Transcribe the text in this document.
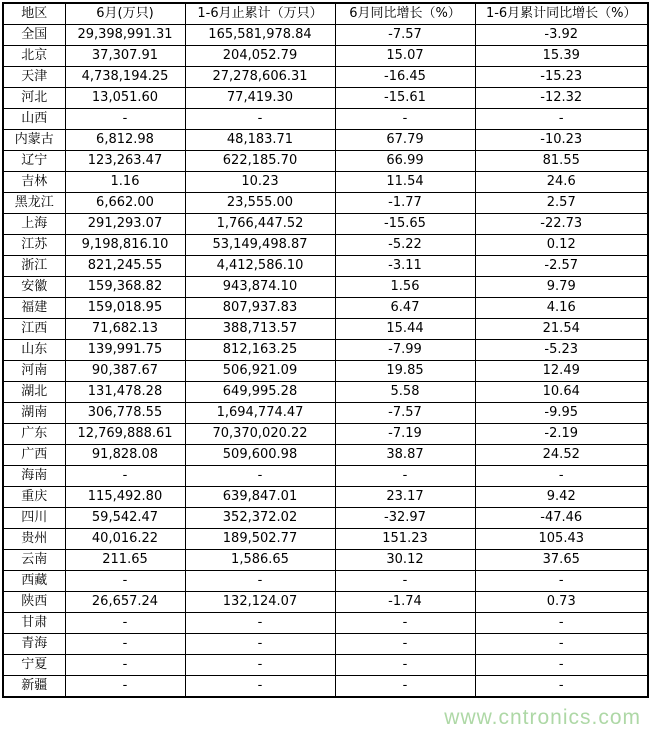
地区	6月(万只)	1-6月止累计（万只）	6月同比增长（%）	1-6月累计同比增长（%）
全国	29,398,991.31	165,581,978.84	-7.57	-3.92
北京	37,307.91	204,052.79	15.07	15.39
天津	4,738,194.25	27,278,606.31	-16.45	-15.23
河北	13,051.60	77,419.30	-15.61	-12.32
山西	-	-	-	-
内蒙古	6,812.98	48,183.71	67.79	-10.23
辽宁	123,263.47	622,185.70	66.99	81.55
吉林	1.16	10.23	11.54	24.6
黑龙江	6,662.00	23,555.00	-1.77	2.57
上海	291,293.07	1,766,447.52	-15.65	-22.73
江苏	9,198,816.10	53,149,498.87	-5.22	0.12
浙江	821,245.55	4,412,586.10	-3.11	-2.57
安徽	159,368.82	943,874.10	1.56	9.79
福建	159,018.95	807,937.83	6.47	4.16
江西	71,682.13	388,713.57	15.44	21.54
山东	139,991.75	812,163.25	-7.99	-5.23
河南	90,387.67	506,921.09	19.85	12.49
湖北	131,478.28	649,995.28	5.58	10.64
湖南	306,778.55	1,694,774.47	-7.57	-9.95
广东	12,769,888.61	70,370,020.22	-7.19	-2.19
广西	91,828.08	509,600.98	38.87	24.52
海南	-	-	-	-
重庆	115,492.80	639,847.01	23.17	9.42
四川	59,542.47	352,372.02	-32.97	-47.46
贵州	40,016.22	189,502.77	151.23	105.43
云南	211.65	1,586.65	30.12	37.65
西藏	-	-	-	-
陕西	26,657.24	132,124.07	-1.74	0.73
甘肃	-	-	-	-
青海	-	-	-	-
宁夏	-	-	-	-
新疆	-	-	-	-
www.cntronics.com
